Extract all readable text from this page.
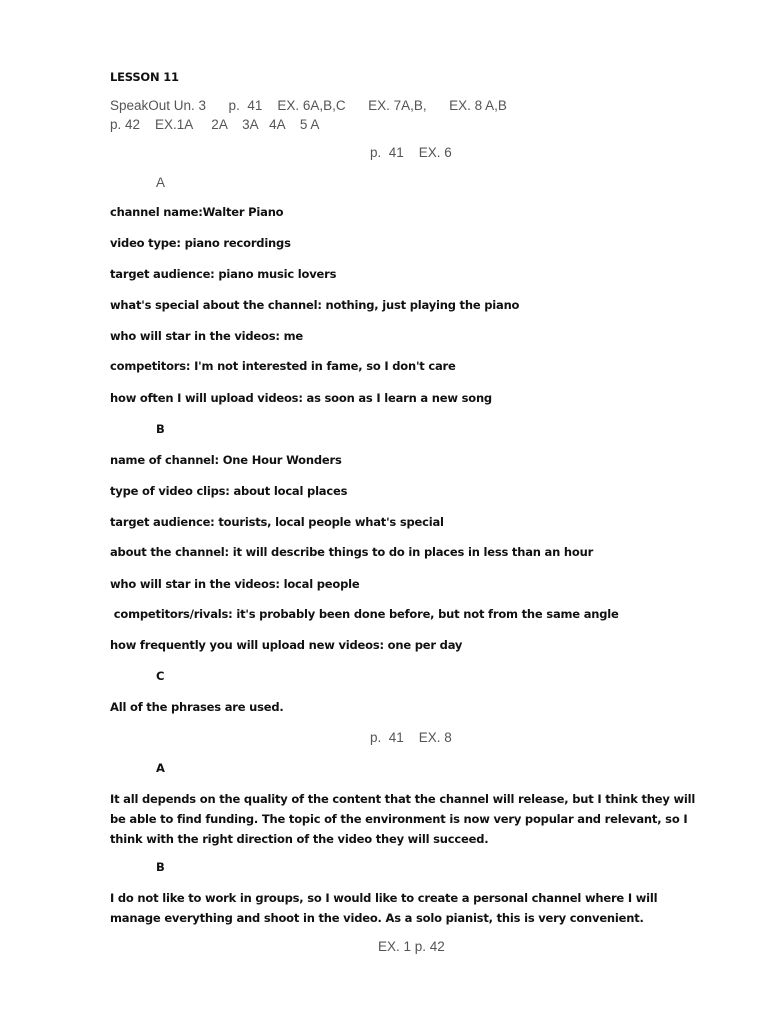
LESSON 11
SpeakOut Un. 3      p.  41    EX. 6A,B,C      EX. 7A,B,      EX. 8 A,B
p. 42    EX.1A     2A    3A   4A    5 A
p.  41    EX. 6
A
channel name:Walter Piano
video type: piano recordings
target audience: piano music lovers
what's special about the channel: nothing, just playing the piano
who will star in the videos: me
competitors: I'm not interested in fame, so I don't care
how often I will upload videos: as soon as I learn a new song
B
name of channel: One Hour Wonders
type of video clips: about local places
target audience: tourists, local people what's special
about the channel: it will describe things to do in places in less than an hour
who will star in the videos: local people
competitors/rivals: it's probably been done before, but not from the same angle
how frequently you will upload new videos: one per day
C
All of the phrases are used.
p.  41    EX. 8
A
It all depends on the quality of the content that the channel will release, but I think they will be able to find funding. The topic of the environment is now very popular and relevant, so I think with the right direction of the video they will succeed.
B
I do not like to work in groups, so I would like to create a personal channel where I will manage everything and shoot in the video. As a solo pianist, this is very convenient.
EX. 1 p. 42
